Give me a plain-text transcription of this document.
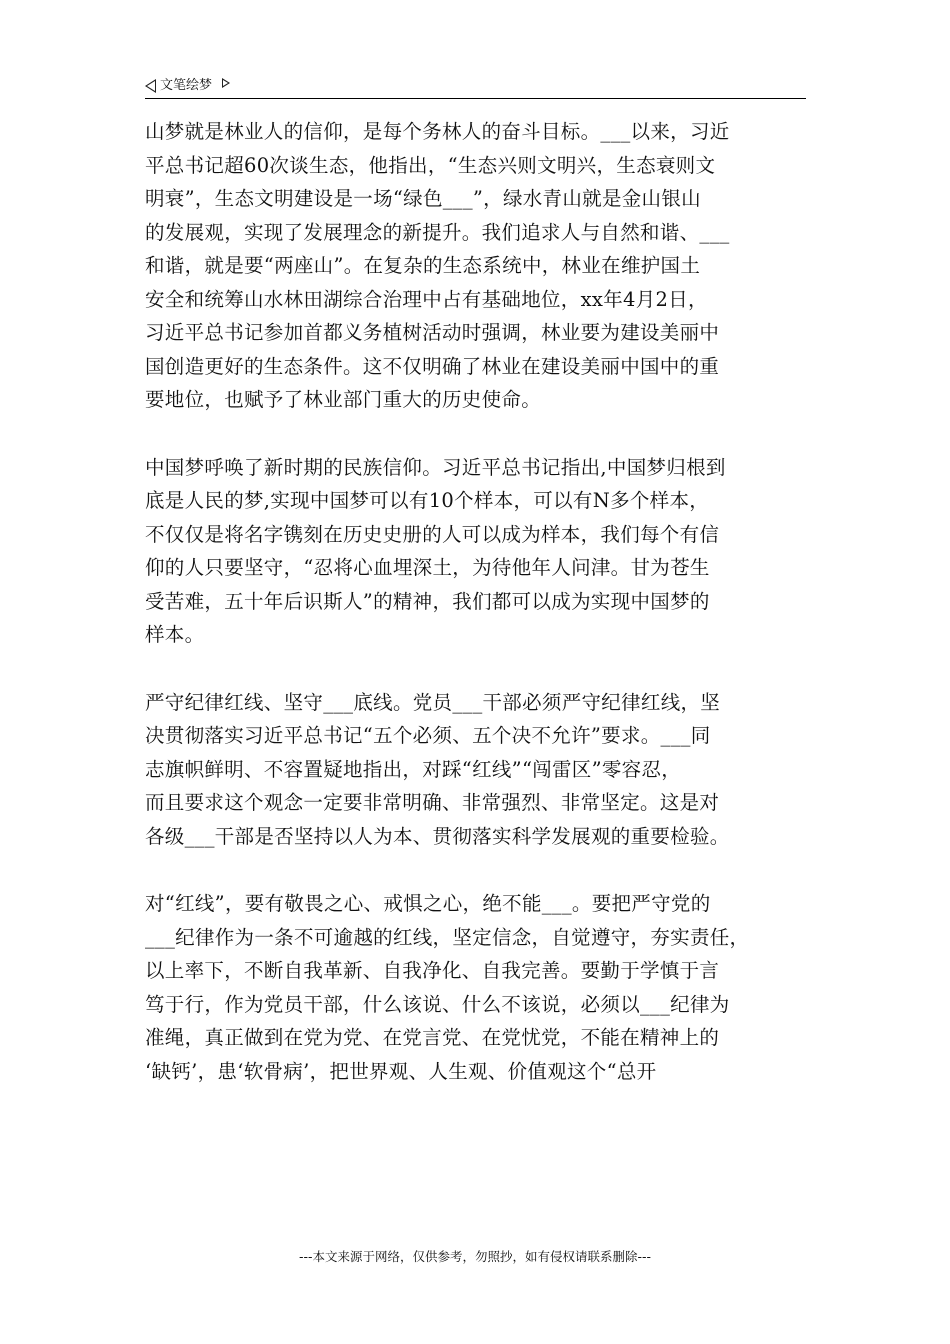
文笔绘梦

山梦就是林业人的信仰，是每个务林人的奋斗目标。___以来，习近
平总书记超60次谈生态，他指出，“生态兴则文明兴，生态衰则文
明衰”，生态文明建设是一场“绿色___”，绿水青山就是金山银山
的发展观，实现了发展理念的新提升。我们追求人与自然和谐、___
和谐，就是要“两座山”。在复杂的生态系统中，林业在维护国土
安全和统筹山水林田湖综合治理中占有基础地位，xx年4月2日，
习近平总书记参加首都义务植树活动时强调，林业要为建设美丽中
国创造更好的生态条件。这不仅明确了林业在建设美丽中国中的重
要地位，也赋予了林业部门重大的历史使命。

中国梦呼唤了新时期的民族信仰。习近平总书记指出,中国梦归根到
底是人民的梦,实现中国梦可以有10个样本，可以有N多个样本，
不仅仅是将名字镌刻在历史史册的人可以成为样本，我们每个有信
仰的人只要坚守，“忍将心血埋深土，为待他年人问津。甘为苍生
受苦难，五十年后识斯人”的精神，我们都可以成为实现中国梦的
样本。

严守纪律红线、坚守___底线。党员___干部必须严守纪律红线，坚
决贯彻落实习近平总书记“五个必须、五个决不允许”要求。___同
志旗帜鲜明、不容置疑地指出，对踩“红线”“闯雷区”零容忍，
而且要求这个观念一定要非常明确、非常强烈、非常坚定。这是对
各级___干部是否坚持以人为本、贯彻落实科学发展观的重要检验。

对“红线”，要有敬畏之心、戒惧之心，绝不能___。要把严守党的
___纪律作为一条不可逾越的红线，坚定信念，自觉遵守，夯实责任，
以上率下，不断自我革新、自我净化、自我完善。要勤于学慎于言
笃于行，作为党员干部，什么该说、什么不该说，必须以___纪律为
准绳，真正做到在党为党、在党言党、在党忧党，不能在精神上的
‘缺钙’，患‘软骨病’，把世界观、人生观、价值观这个“总开

---本文来源于网络，仅供参考，勿照抄，如有侵权请联系删除---
